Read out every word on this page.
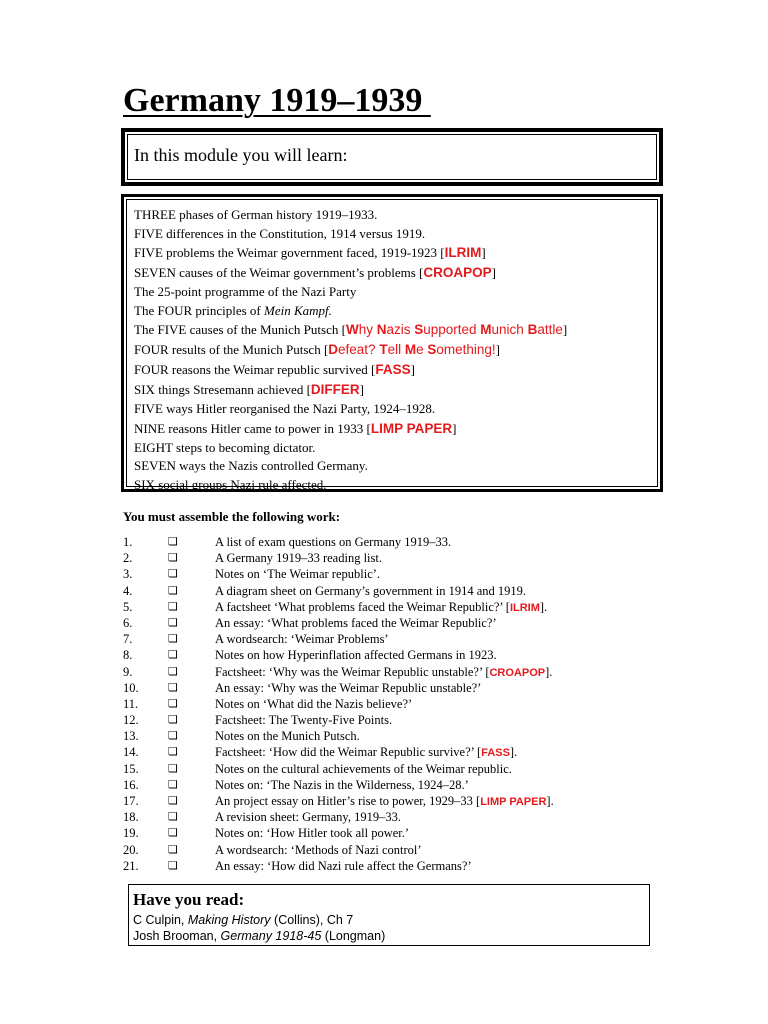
Germany 1919–1939
In this module you will learn:
THREE phases of German history 1919–1933.
FIVE differences in the Constitution, 1914 versus 1919.
FIVE problems the Weimar government faced, 1919-1923 [ILRIM]
SEVEN causes of the Weimar government’s problems [CROAPOP]
The 25-point programme of the Nazi Party
The FOUR principles of Mein Kampf.
The FIVE causes of the Munich Putsch [Why Nazis Supported Munich Battle]
FOUR results of the Munich Putsch [Defeat? Tell Me Something!]
FOUR reasons the Weimar republic survived [FASS]
SIX things Stresemann achieved [DIFFER]
FIVE ways Hitler reorganised the Nazi Party, 1924–1928.
NINE reasons Hitler came to power in 1933 [LIMP PAPER]
EIGHT steps to becoming dictator.
SEVEN ways the Nazis controlled Germany.
SIX social groups Nazi rule affected.
You must assemble the following work:
1.	❏	A list of exam questions on Germany 1919–33.
2.	❏	A Germany 1919–33 reading list.
3.	❏	Notes on ‘The Weimar republic’.
4.	❏	A diagram sheet on Germany’s government in 1914 and 1919.
5.	❏	A factsheet ‘What problems faced the Weimar Republic?’ [ILRIM].
6.	❏	An essay: ‘What problems faced the Weimar Republic?’
7.	❏	A wordsearch: ‘Weimar Problems’
8.	❏	Notes on how Hyperinflation affected Germans in 1923.
9.	❏	Factsheet: ‘Why was the Weimar Republic unstable?’ [CROAPOP].
10.	❏	An essay: ‘Why was the Weimar Republic unstable?’
11.	❏	Notes on ‘What did the Nazis believe?’
12.	❏	Factsheet: The Twenty-Five Points.
13.	❏	Notes on the Munich Putsch.
14.	❏	Factsheet: ‘How did the Weimar Republic survive?’ [FASS].
15.	❏	Notes on the cultural achievements of the Weimar republic.
16.	❏	Notes on: ‘The Nazis in the Wilderness, 1924–28.’
17.	❏	An project essay on Hitler’s rise to power, 1929–33 [LIMP PAPER].
18.	❏	A revision sheet: Germany, 1919–33.
19.	❏	Notes on: ‘How Hitler took all power.’
20.	❏	A wordsearch: ‘Methods of Nazi control’
21.	❏	An essay: ‘How did Nazi rule affect the Germans?’
Have you read:
C Culpin, Making History (Collins), Ch 7
Josh Brooman, Germany 1918-45 (Longman)
